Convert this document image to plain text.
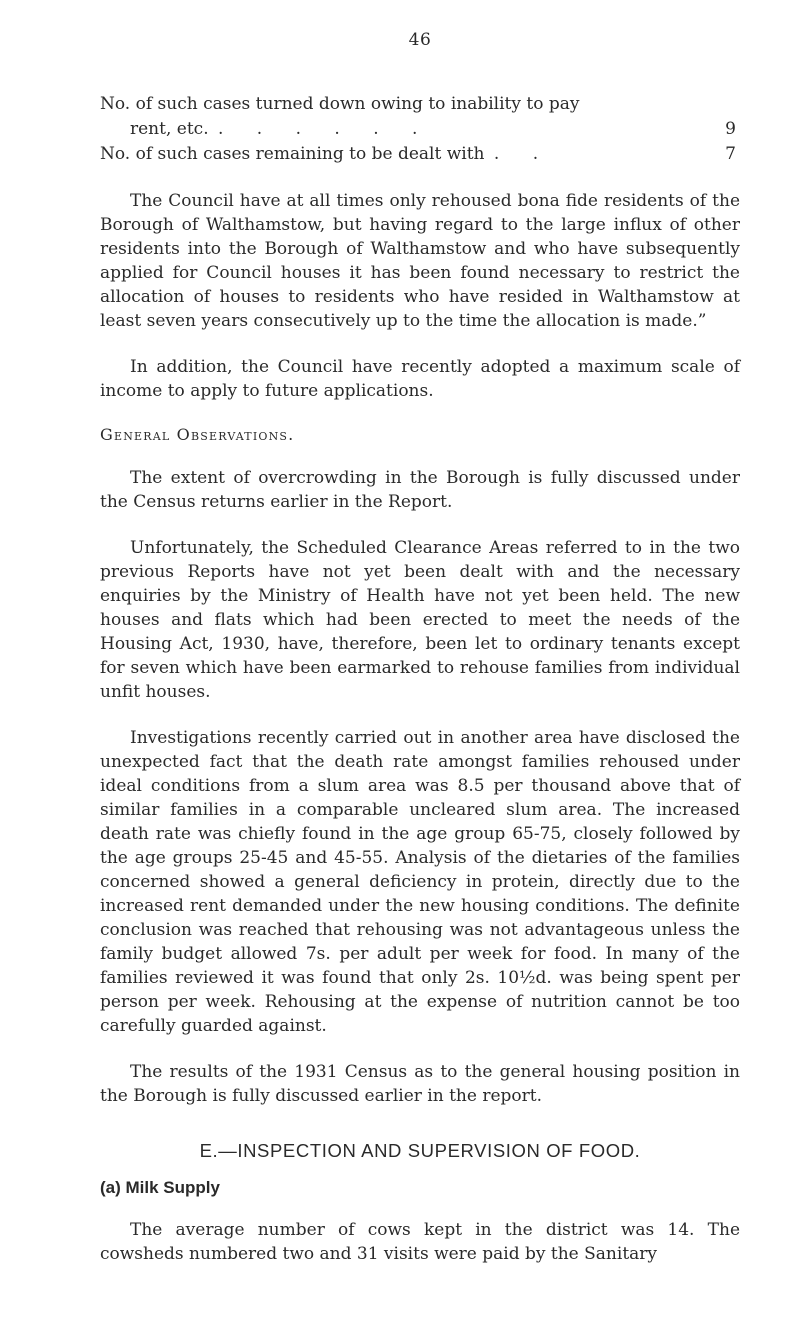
46
No. of such cases turned down owing to inability to pay
rent, etc. . . . . . .	9
No. of such cases remaining to be dealt with . .	7

The Council have at all times only rehoused bona fide residents of the Borough of Walthamstow, but having regard to the large influx of other residents into the Borough of Walthamstow and who have subsequently applied for Council houses it has been found necessary to restrict the allocation of houses to residents who have resided in Walthamstow at least seven years consecutively up to the time the allocation is made.”

In addition, the Council have recently adopted a maximum scale of income to apply to future applications.

General Observations.

The extent of overcrowding in the Borough is fully discussed under the Census returns earlier in the Report.

Unfortunately, the Scheduled Clearance Areas referred to in the two previous Reports have not yet been dealt with and the necessary enquiries by the Ministry of Health have not yet been held. The new houses and flats which had been erected to meet the needs of the Housing Act, 1930, have, therefore, been let to ordinary tenants except for seven which have been earmarked to rehouse families from individual unfit houses.

Investigations recently carried out in another area have disclosed the unexpected fact that the death rate amongst families rehoused under ideal conditions from a slum area was 8.5 per thousand above that of similar families in a comparable uncleared slum area. The increased death rate was chiefly found in the age group 65-75, closely followed by the age groups 25-45 and 45-55. Analysis of the dietaries of the families concerned showed a general deficiency in protein, directly due to the increased rent demanded under the new housing conditions. The definite conclusion was reached that rehousing was not advantageous unless the family budget allowed 7s. per adult per week for food. In many of the families reviewed it was found that only 2s. 10½d. was being spent per person per week. Rehousing at the expense of nutrition cannot be too carefully guarded against.

The results of the 1931 Census as to the general housing position in the Borough is fully discussed earlier in the report.

E.—INSPECTION AND SUPERVISION OF FOOD.
(a) Milk Supply

The average number of cows kept in the district was 14. The cowsheds numbered two and 31 visits were paid by the Sanitary
